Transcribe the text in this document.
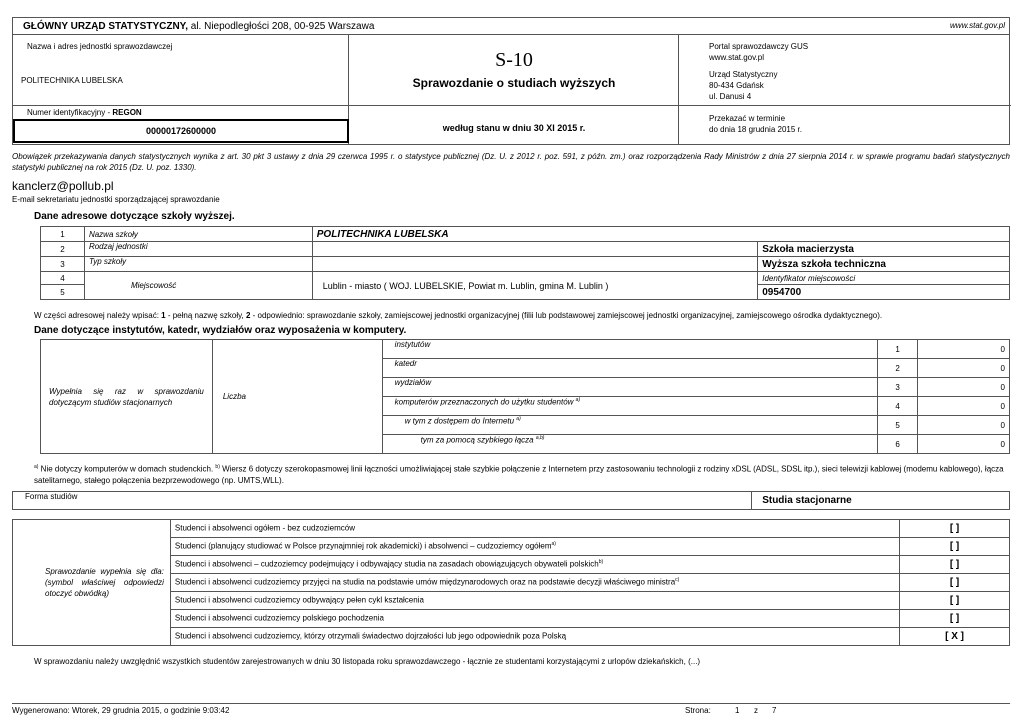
GŁÓWNY URZĄD STATYSTYCZNY, al. Niepodległości 208, 00-925 Warszawa	www.stat.gov.pl
Nazwa i adres jednostki sprawozdawczej
POLITECHNIKA LUBELSKA
Numer identyfikacyjny - REGON
00000172600000
S-10
Sprawozdanie o studiach wyższych
według stanu w dniu 30 XI 2015 r.
Portal sprawozdawczy GUS
www.stat.gov.pl
Urząd Statystyczny
80-434 Gdańsk
ul. Danusi 4
Przekazać w terminie
do dnia 18 grudnia 2015 r.
Obowiązek przekazywania danych statystycznych wynika z art. 30 pkt 3 ustawy z dnia 29 czerwca 1995 r. o statystyce publicznej (Dz. U. z 2012 r. poz. 591, z późn. zm.) oraz rozporządzenia Rady Ministrów z dnia 27 sierpnia 2014 r. w sprawie programu badań statystycznych statystyki publicznej na rok 2015 (Dz. U. poz. 1330).
kanclerz@pollub.pl
E-mail sekretariatu jednostki sporządzającej sprawozdanie
Dane adresowe dotyczące szkoły wyższej.
1	Nazwa szkoły	POLITECHNIKA LUBELSKA	
2	Rodzaj jednostki		Szkoła macierzysta
3	Typ szkoły		Wyższa szkoła techniczna
4	Miejscowość	Lublin - miasto ( WOJ. LUBELSKIE, Powiat m. Lublin, gmina M. Lublin )	Identyfikator miejscowości
5			0954700
W części adresowej należy wpisać: 1 - pełną nazwę szkoły, 2 - odpowiednio: sprawozdanie szkoły, zamiejscowej jednostki organizacyjnej (filii lub podstawowej zamiejscowej jednostki organizacyjnej, zamiejscowego ośrodka dydaktycznego).
Dane dotyczące instytutów, katedr, wydziałów oraz wyposażenia w komputery.
Wypełnia się raz w sprawozdaniu dotyczącym studiów stacjonarnych	Liczba	instytutów	1	0
		katedr	2	0
		wydziałów	3	0
		komputerów przeznaczonych do użytku studentów $^{a)}$	4	0
		w tym z dostępem do Internetu $^{a)}$	5	0
		tym za pomocą szybkiego łącza $^{a,b)}$	6	0
$^{a)}$ Nie dotyczy komputerów w domach studenckich. $^{b)}$ Wiersz 6 dotyczy szerokopasmowej linii łączności umożliwiającej stałe szybkie połączenie z Internetem przy zastosowaniu technologii z rodziny xDSL (ADSL, SDSL itp.), sieci telewizji kablowej (modemu kablowego), łącza satelitarnego, stałego połączenia bezprzewodowego (np. UMTS,WLL).
Forma studiów	Studia stacjonarne
Sprawozdanie wypełnia się dla: (symbol właściwej odpowiedzi otoczyć obwódką)	Studenci i absolwenci ogółem - bez cudzoziemców	[ ]
	Studenci (planujący studiować w Polsce przynajmniej rok akademicki) i absolwenci – cudzoziemcy ogółem$^{a)}$	[ ]
	Studenci i absolwenci – cudzoziemcy podejmujący i odbywający studia na zasadach obowiązujących obywateli polskich$^{b)}$	[ ]
	Studenci i absolwenci cudzoziemcy przyjęci na studia na podstawie umów międzynarodowych oraz na podstawie decyzji właściwego ministra$^{c)}$	[ ]
	Studenci i absolwenci cudzoziemcy odbywający pełen cykl kształcenia	[ ]
	Studenci i absolwenci cudzoziemcy polskiego pochodzenia	[ ]
	Studenci i absolwenci cudzoziemcy, którzy otrzymali świadectwo dojrzałości lub jego odpowiednik poza Polską	[ X ]
W sprawozdaniu należy uwzględnić wszystkich studentów zarejestrowanych w dniu 30 listopada roku sprawozdawczego - łącznie ze studentami korzystającymi z urlopów dziekańskich, (...)
Wygenerowano: Wtorek, 29 grudnia 2015, o godzinie 9:03:42	Strona:	1 z 7
